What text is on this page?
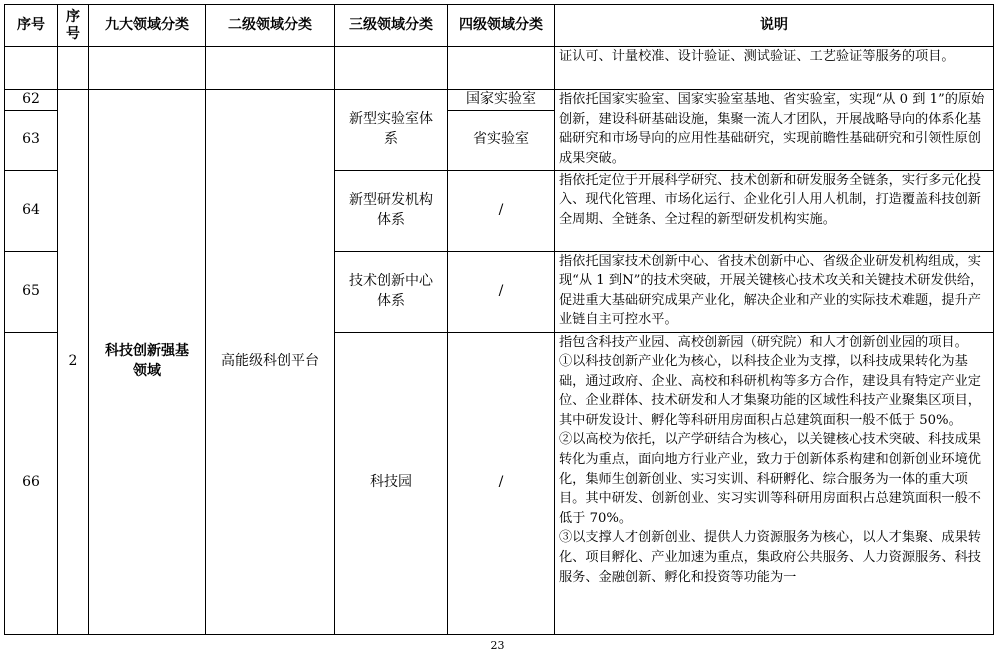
序号	序号	九大领域分类	二级领域分类	三级领域分类	四级领域分类	说明
						证认可、计量校准、设计验证、测试验证、工艺验证等服务的项目。
62	2	科技创新强基领域	高能级科创平台	新型实验室体系	国家实验室	指依托国家实验室、国家实验室基地、省实验室，实现“从 0 到 1”的原始创新，建设科研基础设施，集聚一流人才团队，开展战略导向的体系化基础研究和市场导向的应用性基础研究，实现前瞻性基础研究和引领性原创成果突破。
63					省实验室	
64				新型研发机构体系	/	指依托定位于开展科学研究、技术创新和研发服务全链条，实行多元化投入、现代化管理、市场化运行、企业化引人用人机制，打造覆盖科技创新全周期、全链条、全过程的新型研发机构实施。
65				技术创新中心体系	/	指依托国家技术创新中心、省技术创新中心、省级企业研发机构组成，实现“从 1 到N”的技术突破，开展关键核心技术攻关和关键技术研发供给，促进重大基础研究成果产业化，解决企业和产业的实际技术难题，提升产业链自主可控水平。
66				科技园	/	指包含科技产业园、高校创新园（研究院）和人才创新创业园的项目。

①以科技创新产业化为核心，以科技企业为支撑，以科技成果转化为基础，通过政府、企业、高校和科研机构等多方合作，建设具有特定产业定位、企业群体、技术研发和人才集聚功能的区域性科技产业聚集区项目，其中研发设计、孵化等科研用房面积占总建筑面积一般不低于 50%。

②以高校为依托，以产学研结合为核心，以关键核心技术突破、科技成果转化为重点，面向地方行业产业，致力于创新体系构建和创新创业环境优化，集师生创新创业、实习实训、科研孵化、综合服务为一体的重大项目。其中研发、创新创业、实习实训等科研用房面积占总建筑面积一般不低于 70%。

③以支撑人才创新创业、提供人力资源服务为核心，以人才集聚、成果转化、项目孵化、产业加速为重点，集政府公共服务、人力资源服务、科技服务、金融创新、孵化和投资等功能为一

23
